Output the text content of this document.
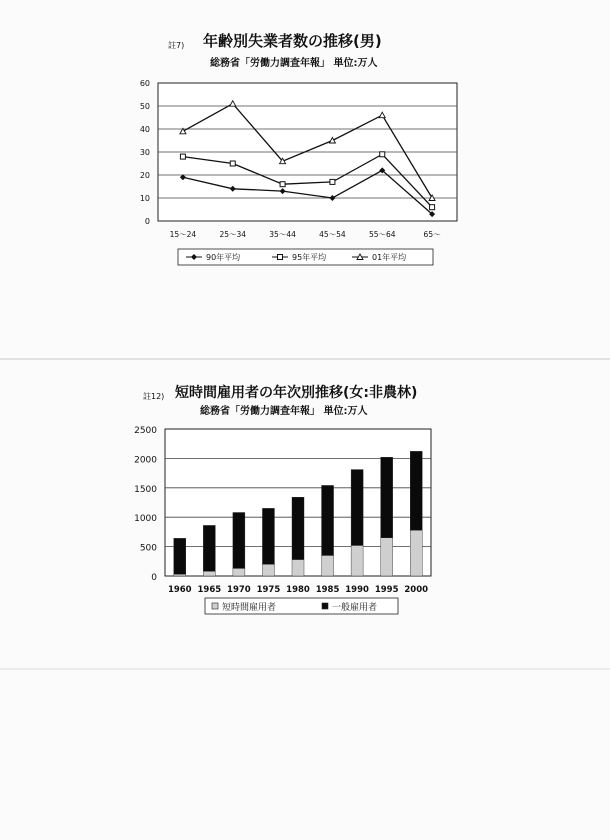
註7) 年齢別失業者数の推移(男)
総務省「労働力調査年報」 単位:万人
0
10
20
30
40
50
60
15～24	25～34	35～44	45～54	55～64	65～
90年平均	95年平均	01年平均
註12) 短時間雇用者の年次別推移(女:非農林)
総務省「労働力調査年報」 単位:万人
0
500
1000
1500
2000
2500
1960 1965 1970 1975 1980 1985 1990 1995 2000
短時間雇用者	一般雇用者
